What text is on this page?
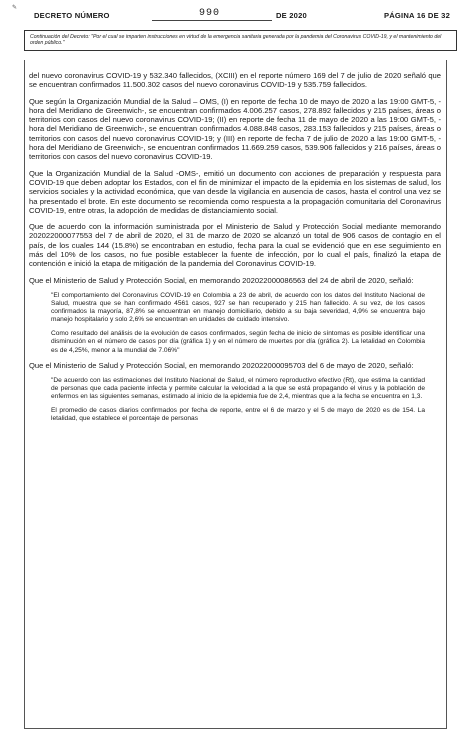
✎
DECRETO NÚMERO	990	DE 2020	PÁGINA 16 DE 32
Continuación del Decreto: "Por el cual se imparten instrucciones en virtud de la emergencia sanitaria generada por la pandemia del Coronavirus COVID-19, y el mantenimiento del orden público."

del nuevo coronavirus COVID-19 y 532.340 fallecidos, (XCIII) en el reporte número 169 del 7 de julio de 2020 señaló que se encuentran confirmados 11.500.302 casos del nuevo coronavirus COVID-19 y 535.759 fallecidos.

Que según la Organización Mundial de la Salud – OMS, (I) en reporte de fecha 10 de mayo de 2020 a las 19:00 GMT-5, - hora del Meridiano de Greenwich-, se encuentran confirmados 4.006.257 casos, 278.892 fallecidos y 215 países, áreas o territorios con casos del nuevo coronavirus COVID-19; (II) en reporte de fecha 11 de mayo de 2020 a las 19:00 GMT-5, - hora del Meridiano de Greenwich-, se encuentran confirmados 4.088.848 casos, 283.153 fallecidos y 215 países, áreas o territorios con casos del nuevo coronavirus COVID-19; y (III) en reporte de fecha 7 de julio de 2020 a las 19:00 GMT-5, -hora del Meridiano de Greenwich-, se encuentran confirmados 11.669.259 casos, 539.906 fallecidos y 216 países, áreas o territorios con casos del nuevo coronavirus COVID-19.

Que la Organización Mundial de la Salud -OMS-, emitió un documento con acciones de preparación y respuesta para COVID-19 que deben adoptar los Estados, con el fin de minimizar el impacto de la epidemia en los sistemas de salud, los servicios sociales y la actividad económica, que van desde la vigilancia en ausencia de casos, hasta el control una vez se ha presentado el brote. En este documento se recomienda como respuesta a la propagación comunitaria del Coronavirus COVID-19, entre otras, la adopción de medidas de distanciamiento social.

Que de acuerdo con la información suministrada por el Ministerio de Salud y Protección Social mediante memorando 202022000077553 del 7 de abril de 2020, el 31 de marzo de 2020 se alcanzó un total de 906 casos de contagio en el país, de los cuales 144 (15.8%) se encontraban en estudio, fecha para la cual se evidenció que en ese seguimiento en más del 10% de los casos, no fue posible establecer la fuente de infección, por lo cual el país, finalizó la etapa de contención e inició la etapa de mitigación de la pandemia del Coronavirus COVID-19.

Que el Ministerio de Salud y Protección Social, en memorando 202022000086563 del 24 de abril de 2020, señaló:

"El comportamiento del Coronavirus COVID-19 en Colombia a 23 de abril, de acuerdo con los datos del Instituto Nacional de Salud, muestra que se han confirmado 4561 casos, 927 se han recuperado y 215 han fallecido. A su vez, de los casos confirmados la mayoría, 87,8% se encuentran en manejo domiciliario, debido a su baja severidad, 4,9% se encuentra bajo manejo hospitalario y solo 2,6% se encuentran en unidades de cuidado intensivo.

Como resultado del análisis de la evolución de casos confirmados, según fecha de inicio de síntomas es posible identificar una disminución en el número de casos por día (gráfica 1) y en el número de muertes por día (gráfica 2). La letalidad en Colombia es de 4,25%, menor a la mundial de 7.06%"

Que el Ministerio de Salud y Protección Social, en memorando 202022000095703 del 6 de mayo de 2020, señaló:

"De acuerdo con las estimaciones del Instituto Nacional de Salud, el número reproductivo efectivo (Rt), que estima la cantidad de personas que cada paciente infecta y permite calcular la velocidad a la que se está propagando el virus y la población de enfermos en las siguientes semanas, estimado al inicio de la epidemia fue de 2,4, mientras que a la fecha se encuentra en 1,3.

El promedio de casos diarios confirmados por fecha de reporte, entre el 6 de marzo y el 5 de mayo de 2020 es de 154. La letalidad, que establece el porcentaje de personas
